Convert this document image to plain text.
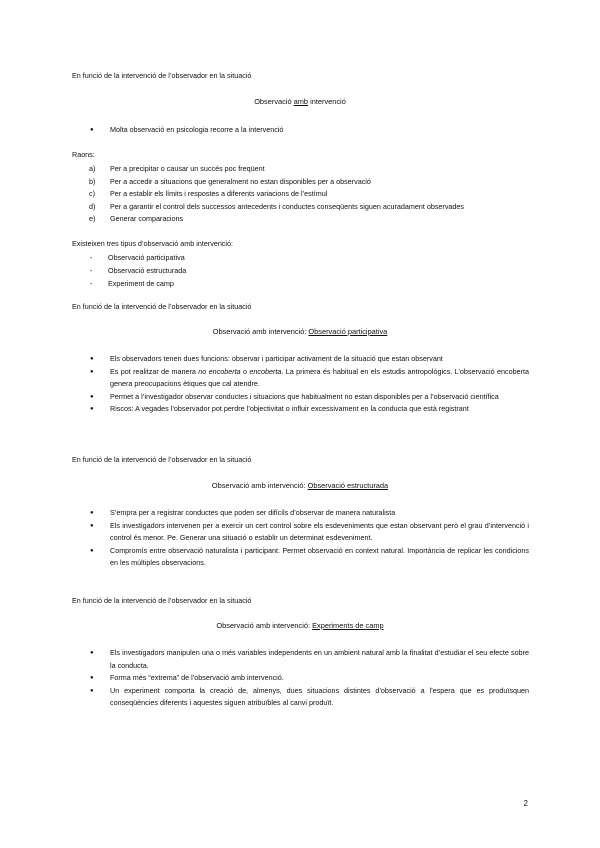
En funció de la intervenció de l’observador en la situació
Observació amb intervenció
● Molta observació en psicologia recorre a la intervenció
Raons:
a) Per a precipitar o causar un succés poc freqüent
b) Per a accedir a situacions que generalment no estan disponibles per a observació
c) Per a establir els límits i respostes a diferents variacions de l’estímul
d) Per a garantir el control dels successos antecedents i conductes conseqüents siguen acuradament observades
e) Generar comparacions
Existeixen tres tipus d’observació amb intervenció:
- Observació participativa
- Observació estructurada
- Experiment de camp
En funció de la intervenció de l’observador en la situació
Observació amb intervenció: Observació participativa
● Els observadors tenen dues funcions: observar i participar activament de la situació que estan observant
● Es pot realitzar de manera no encoberta o encoberta. La primera és habitual en els estudis antropològics. L’observació encoberta genera preocupacions ètiques que cal atendre.
● Permet a l’investigador observar conductes i situacions que habitualment no estan disponibles per a l’observació científica
● Riscos: A vegades l’observador pot perdre l’objectivitat o influir excessivament en la conducta que està registrant
En funció de la intervenció de l’observador en la situació
Observació amb intervenció: Observació estructurada
● S’empra per a registrar conductes que poden ser difícils d’observar de manera naturalista
● Els investigadors intervenen per a exercir un cert control sobre els esdeveniments que estan observant però el grau d’intervenció i control és menor. Pe. Generar una situació o establir un determinat esdeveniment.
● Compromís entre observació naturalista i participant. Permet observació en context natural. Importància de replicar les condicions en les múltiples observacions.
En funció de la intervenció de l’observador en la situació
Observació amb intervenció: Experiments de camp
● Els investigadors manipulen una o més variables independents en un ambient natural amb la finalitat d’estudiar el seu efecte sobre la conducta.
● Forma més “extrema” de l’observació amb intervenció.
● Un experiment comporta la creació de, almenys, dues situacions distintes d’observació a l’espera que es produïsquen conseqüències diferents i aquestes siguen atribuïbles al canvi produït.
2
